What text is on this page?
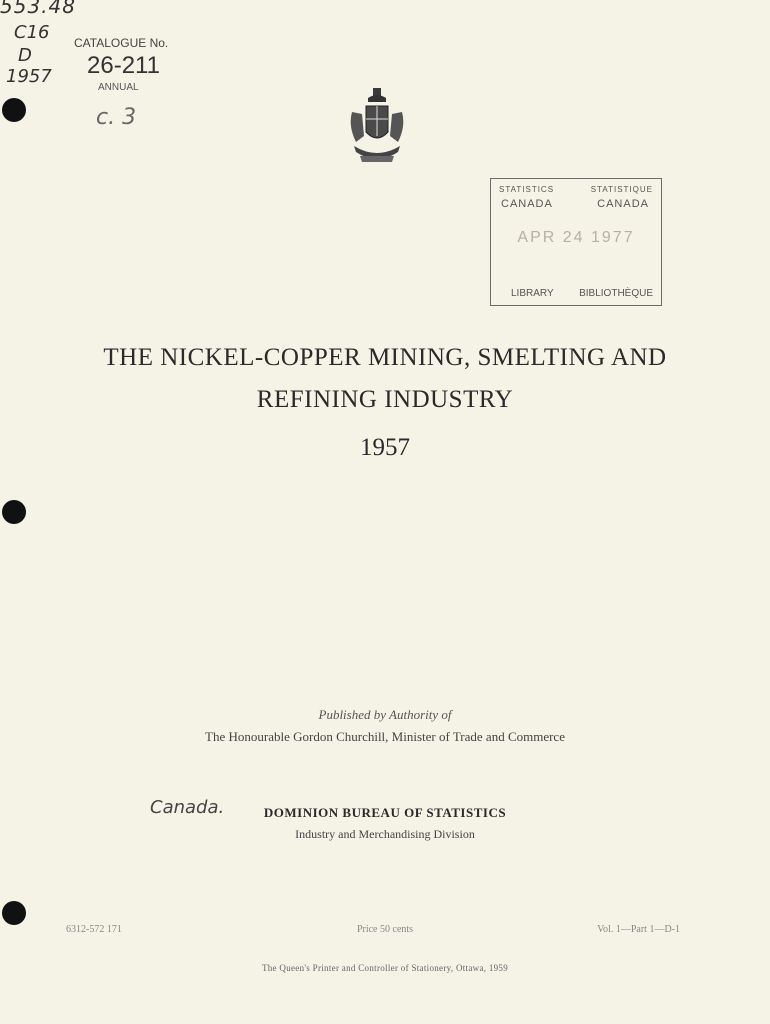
553.48
C16
D
1957
c. 3
CATALOGUE No.
26-211
ANNUAL
STATISTICS	STATISTIQUE
CANADA	CANADA
APR 24 1977
LIBRARY	BIBLIOTHÈQUE
THE NICKEL-COPPER MINING, SMELTING AND
REFINING INDUSTRY
1957
Published by Authority of
The Honourable Gordon Churchill, Minister of Trade and Commerce
Canada.	DOMINION BUREAU OF STATISTICS
Industry and Merchandising Division
6312-572 171	Price 50 cents	Vol. 1—Part 1—D-1
The Queen's Printer and Controller of Stationery, Ottawa, 1959
